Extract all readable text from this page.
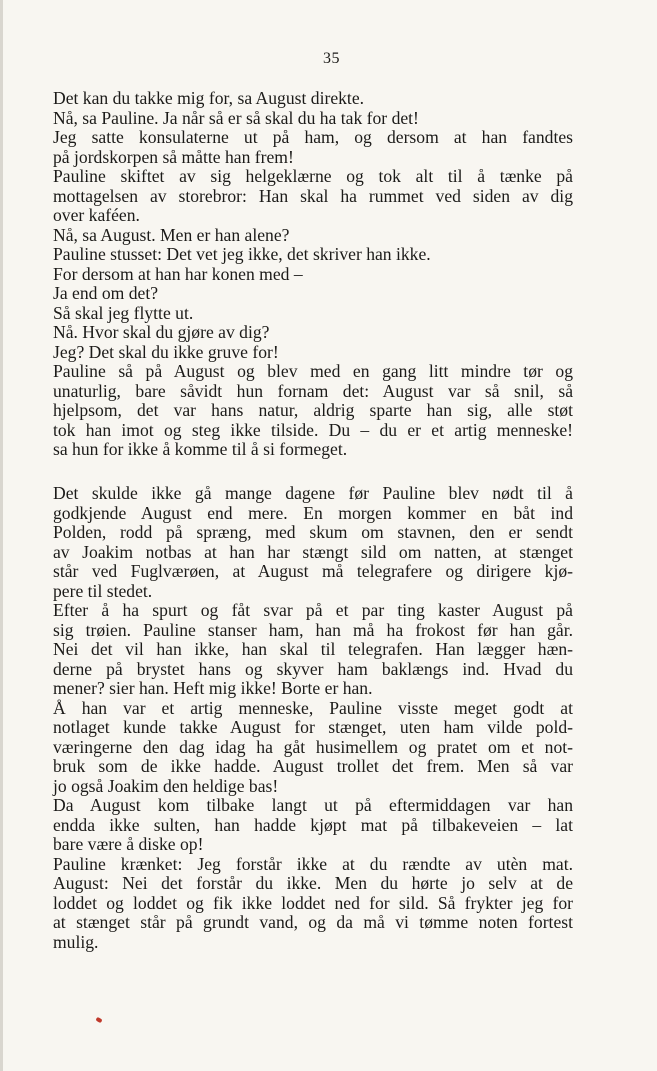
35
Det kan du takke mig for, sa August direkte.
Nå, sa Pauline. Ja når så er så skal du ha tak for det!
Jeg satte konsulaterne ut på ham, og dersom at han fandtes
på jordskorpen så måtte han frem!
Pauline skiftet av sig helgeklærne og tok alt til å tænke på
mottagelsen av storebror: Han skal ha rummet ved siden av dig
over kaféen.
Nå, sa August. Men er han alene?
Pauline stusset: Det vet jeg ikke, det skriver han ikke.
For dersom at han har konen med –
Ja end om det?
Så skal jeg flytte ut.
Nå. Hvor skal du gjøre av dig?
Jeg? Det skal du ikke gruve for!
Pauline så på August og blev med en gang litt mindre tør og
unaturlig, bare såvidt hun fornam det: August var så snil, så
hjelpsom, det var hans natur, aldrig sparte han sig, alle støt
tok han imot og steg ikke tilside. Du – du er et artig menneske!
sa hun for ikke å komme til å si formeget.
Det skulde ikke gå mange dagene før Pauline blev nødt til å
godkjende August end mere. En morgen kommer en båt ind
Polden, rodd på spræng, med skum om stavnen, den er sendt
av Joakim notbas at han har stængt sild om natten, at stænget
står ved Fuglværøen, at August må telegrafere og dirigere kjø-
pere til stedet.
Efter å ha spurt og fåt svar på et par ting kaster August på
sig trøien. Pauline stanser ham, han må ha frokost før han går.
Nei det vil han ikke, han skal til telegrafen. Han lægger hæn-
derne på brystet hans og skyver ham baklængs ind. Hvad du
mener? sier han. Heft mig ikke! Borte er han.
Å han var et artig menneske, Pauline visste meget godt at
notlaget kunde takke August for stænget, uten ham vilde pold-
væringerne den dag idag ha gåt husimellem og pratet om et not-
bruk som de ikke hadde. August trollet det frem. Men så var
jo også Joakim den heldige bas!
Da August kom tilbake langt ut på eftermiddagen var han
endda ikke sulten, han hadde kjøpt mat på tilbakeveien – lat
bare være å diske op!
Pauline krænket: Jeg forstår ikke at du rændte av utèn mat.
August: Nei det forstår du ikke. Men du hørte jo selv at de
loddet og loddet og fik ikke loddet ned for sild. Så frykter jeg for
at stænget står på grundt vand, og da må vi tømme noten fortest
mulig.
